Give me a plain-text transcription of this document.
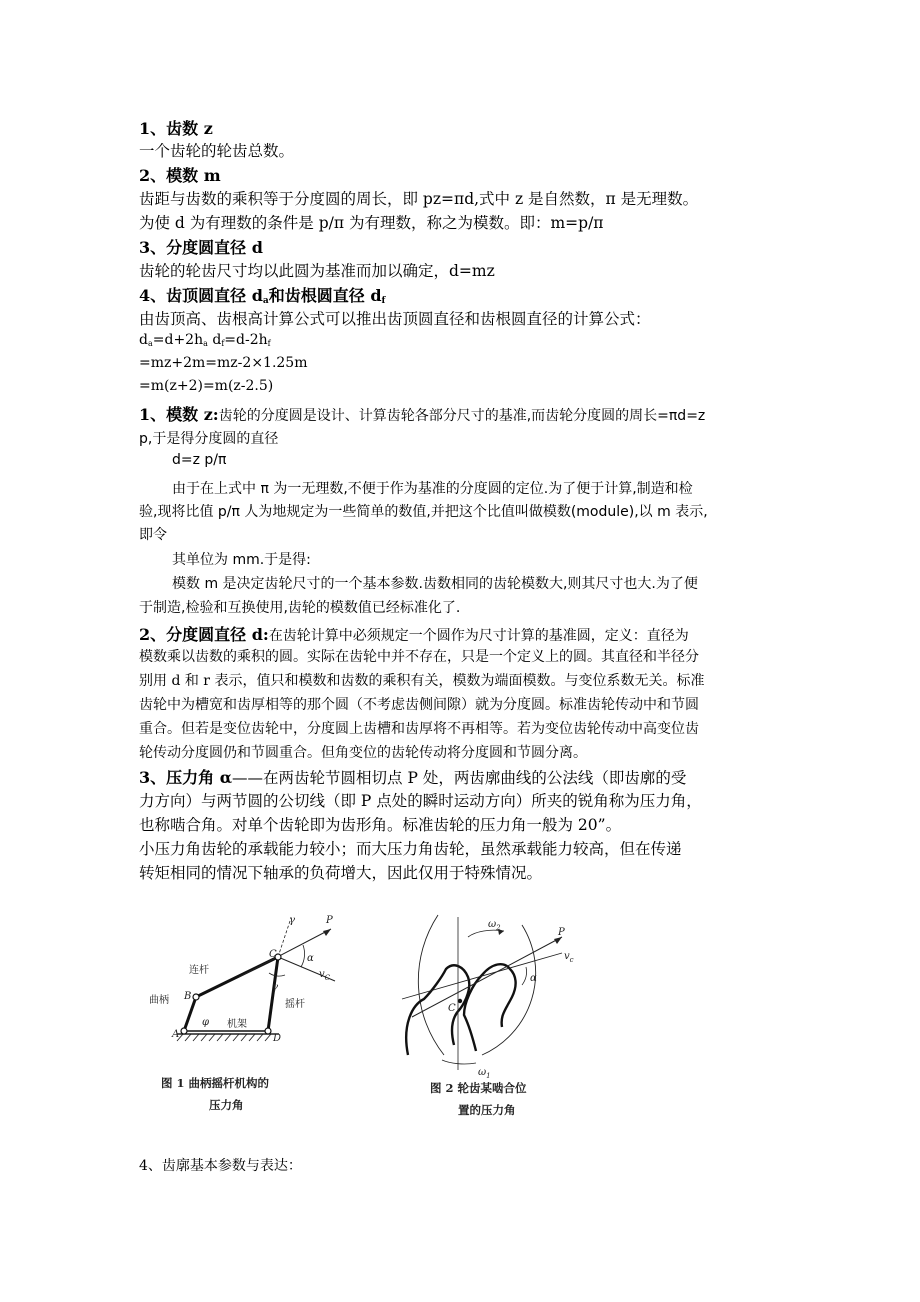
1、齿数 z
一个齿轮的轮齿总数。
2、模数 m
齿距与齿数的乘积等于分度圆的周长，即 pz=πd,式中 z 是自然数，π 是无理数。
为使 d 为有理数的条件是 p/π 为有理数，称之为模数。即：m=p/π
3、分度圆直径 d
齿轮的轮齿尺寸均以此圆为基准而加以确定，d=mz
4、齿顶圆直径 $d_a$和齿根圆直径 $d_f$
由齿顶高、齿根高计算公式可以推出齿顶圆直径和齿根圆直径的计算公式：
da=d+2ha df=d-2hf
=mz+2m=mz-2×1.25m
=m(z+2)=m(z-2.5)
1、模数 z:齿轮的分度圆是设计、计算齿轮各部分尺寸的基准,而齿轮分度圆的周长=πd=z
p,于是得分度圆的直径
d=z p/π
由于在上式中 π 为一无理数,不便于作为基准的分度圆的定位.为了便于计算,制造和检
验,现将比值 p/π 人为地规定为一些简单的数值,并把这个比值叫做模数(module),以 m 表示,
即令
其单位为 mm.于是得:
模数 m 是决定齿轮尺寸的一个基本参数.齿数相同的齿轮模数大,则其尺寸也大.为了便
于制造,检验和互换使用,齿轮的模数值已经标准化了.
2、分度圆直径 d:在齿轮计算中必须规定一个圆作为尺寸计算的基准圆，定义：直径为
模数乘以齿数的乘积的圆。实际在齿轮中并不存在，只是一个定义上的圆。其直径和半径分
别用 d 和 r 表示，值只和模数和齿数的乘积有关，模数为端面模数。与变位系数无关。标准
齿轮中为槽宽和齿厚相等的那个圆（不考虑齿侧间隙）就为分度圆。标准齿轮传动中和节圆
重合。但若是变位齿轮中，分度圆上齿槽和齿厚将不再相等。若为变位齿轮传动中高变位齿
轮传动分度圆仍和节圆重合。但角变位的齿轮传动将分度圆和节圆分离。
3、压力角 α——在两齿轮节圆相切点 P 处，两齿廓曲线的公法线（即齿廓的受
力方向）与两节圆的公切线（即 P 点处的瞬时运动方向）所夹的锐角称为压力角，
也称啮合角。对单个齿轮即为齿形角。标准齿轮的压力角一般为 20”。
小压力角齿轮的承载能力较小；而大压力角齿轮，虽然承载能力较高，但在传递
转矩相同的情况下轴承的负荷增大，因此仅用于特殊情况。
A
B
C
D
P
α
γ
γ
φ
$v_C$
连杆
曲柄	摇杆
机架
图 1 曲柄摇杆机构的
压力角
$\omega_2$
$\omega_1$
P
α
C
$v_c$
图 2 轮齿某啮合位
置的压力角
4、齿廓基本参数与表达：
